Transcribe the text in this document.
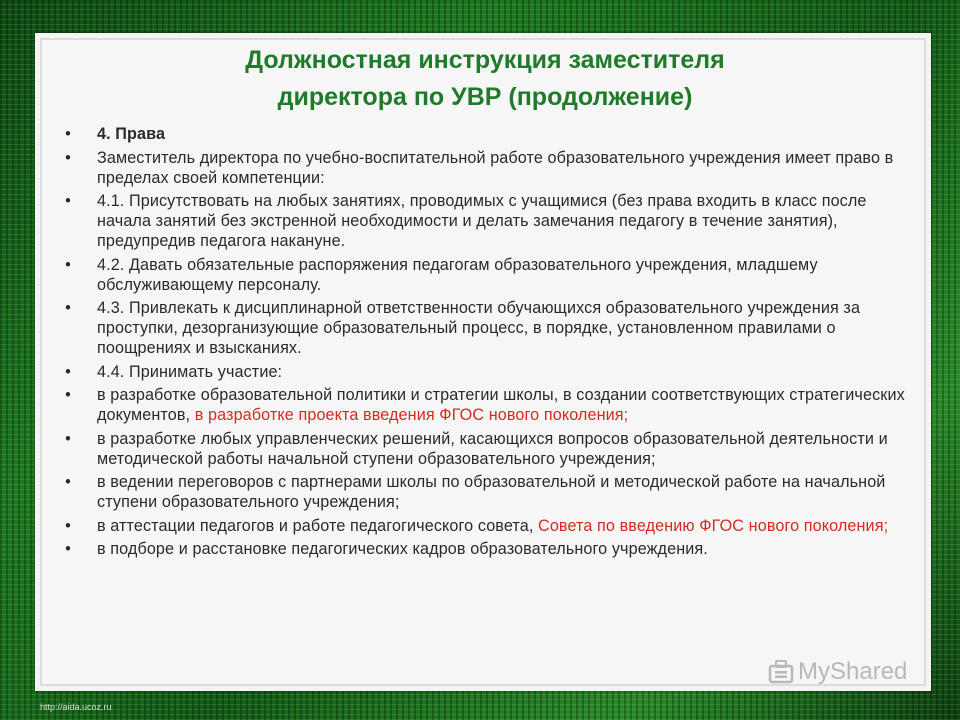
Должностная инструкция заместителя
директора по УВР (продолжение)
• 4. Права
• Заместитель директора по учебно-воспитательной работе образовательного учреждения имеет право в пределах своей компетенции:
• 4.1. Присутствовать на любых занятиях, проводимых с учащимися (без права входить в класс после начала занятий без экстренной необходимости и делать замечания педагогу в течение занятия), предупредив педагога накануне.
• 4.2. Давать обязательные распоряжения педагогам образовательного учреждения, младшему обслуживающему персоналу.
• 4.3. Привлекать к дисциплинарной ответственности обучающихся образовательного учреждения за проступки, дезорганизующие образовательный процесс, в порядке, установленном правилами о поощрениях и взысканиях.
• 4.4. Принимать участие:
• в разработке образовательной политики и стратегии школы, в создании соответствующих стратегических документов, в разработке проекта введения ФГОС нового поколения;
• в разработке любых управленческих решений, касающихся вопросов образовательной деятельности и методической работы начальной ступени образовательного учреждения;
• в ведении переговоров с партнерами школы по образовательной и методической работе на начальной ступени образовательного учреждения;
• в аттестации педагогов и работе педагогического совета, Совета по введению ФГОС нового поколения;
• в подборе и расстановке педагогических кадров образовательного учреждения.
MyShared
http://aida.ucoz.ru
